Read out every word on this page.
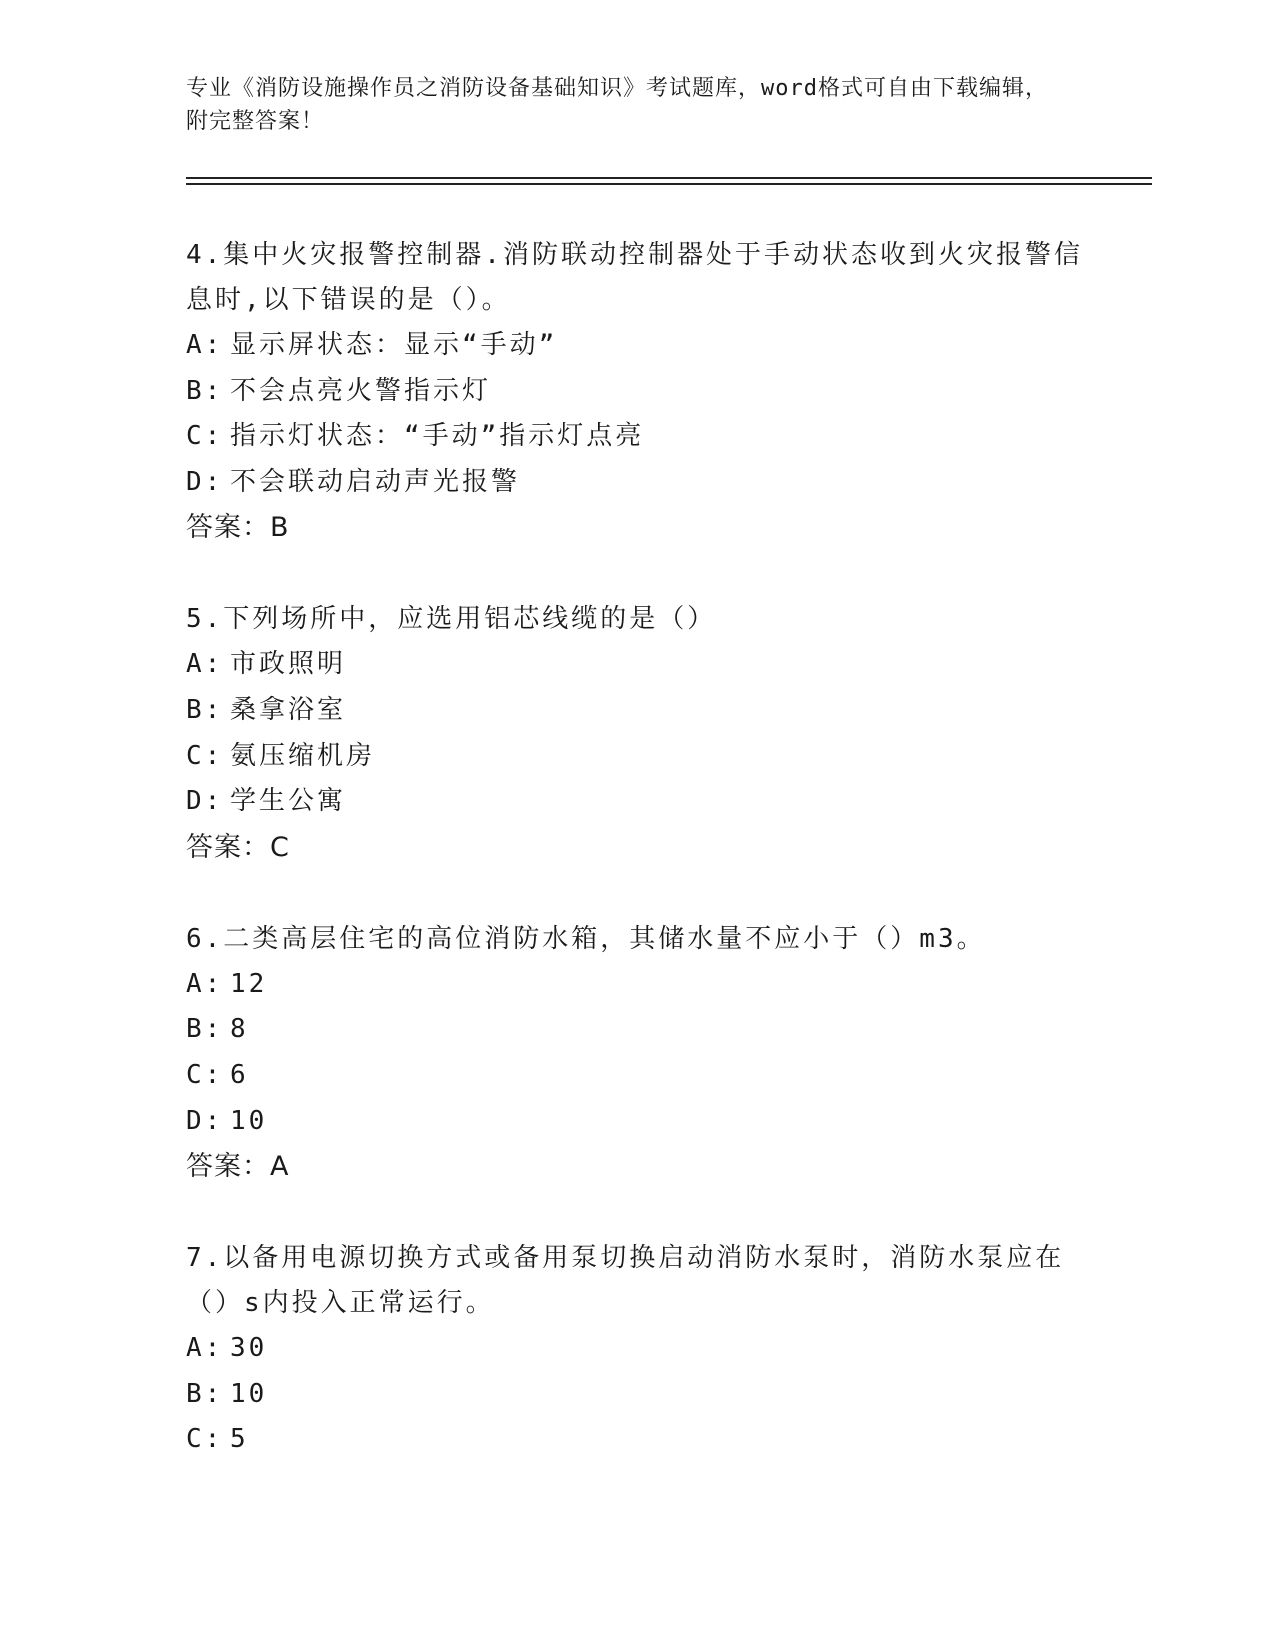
专业《消防设施操作员之消防设备基础知识》考试题库，word格式可自由下载编辑，附完整答案！
4.集中火灾报警控制器.消防联动控制器处于手动状态收到火灾报警信息时,以下错误的是（）。
A: 显示屏状态：显示“手动”
B: 不会点亮火警指示灯
C: 指示灯状态：“手动”指示灯点亮
D: 不会联动启动声光报警
答案：B
5.下列场所中，应选用铝芯线缆的是（）
A: 市政照明
B: 桑拿浴室
C: 氨压缩机房
D: 学生公寓
答案：C
6.二类高层住宅的高位消防水箱，其储水量不应小于（）m3。
A: 12
B: 8
C: 6
D: 10
答案：A
7.以备用电源切换方式或备用泵切换启动消防水泵时，消防水泵应在（）s内投入正常运行。
A: 30
B: 10
C: 5
